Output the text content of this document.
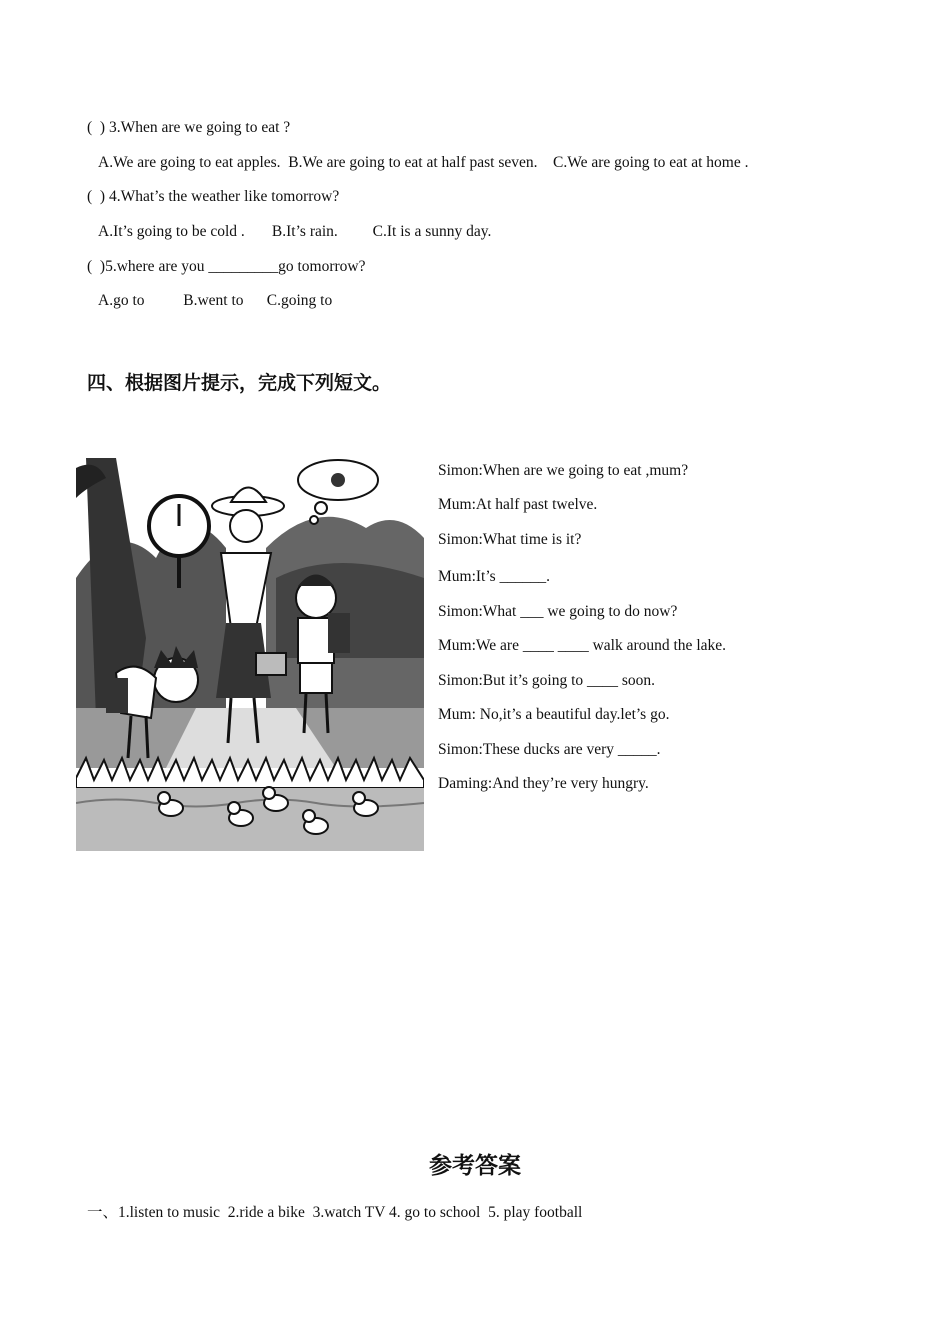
(  ) 3.When are we going to eat ?
A.We are going to eat apples.  B.We are going to eat at half past seven.    C.We are going to eat at home .
(  ) 4.What’s the weather like tomorrow?
A.It’s going to be cold .       B.It’s rain.         C.It is a sunny day.
(  )5.where are you _________go tomorrow?
A.go to          B.went to      C.going to
四、根据图片提示，完成下列短文。
Simon:When are we going to eat ,mum?
Mum:At half past twelve.
Simon:What time is it?
Mum:It’s ______.
Simon:What ___ we going to do now?
Mum:We are ____ ____ walk around the lake.
Simon:But it’s going to ____ soon.
Mum: No,it’s a beautiful day.let’s go.
Simon:These ducks are very _____.
Daming:And they’re very hungry.
参考答案
一、1.listen to music  2.ride a bike  3.watch TV 4. go to school  5. play football
